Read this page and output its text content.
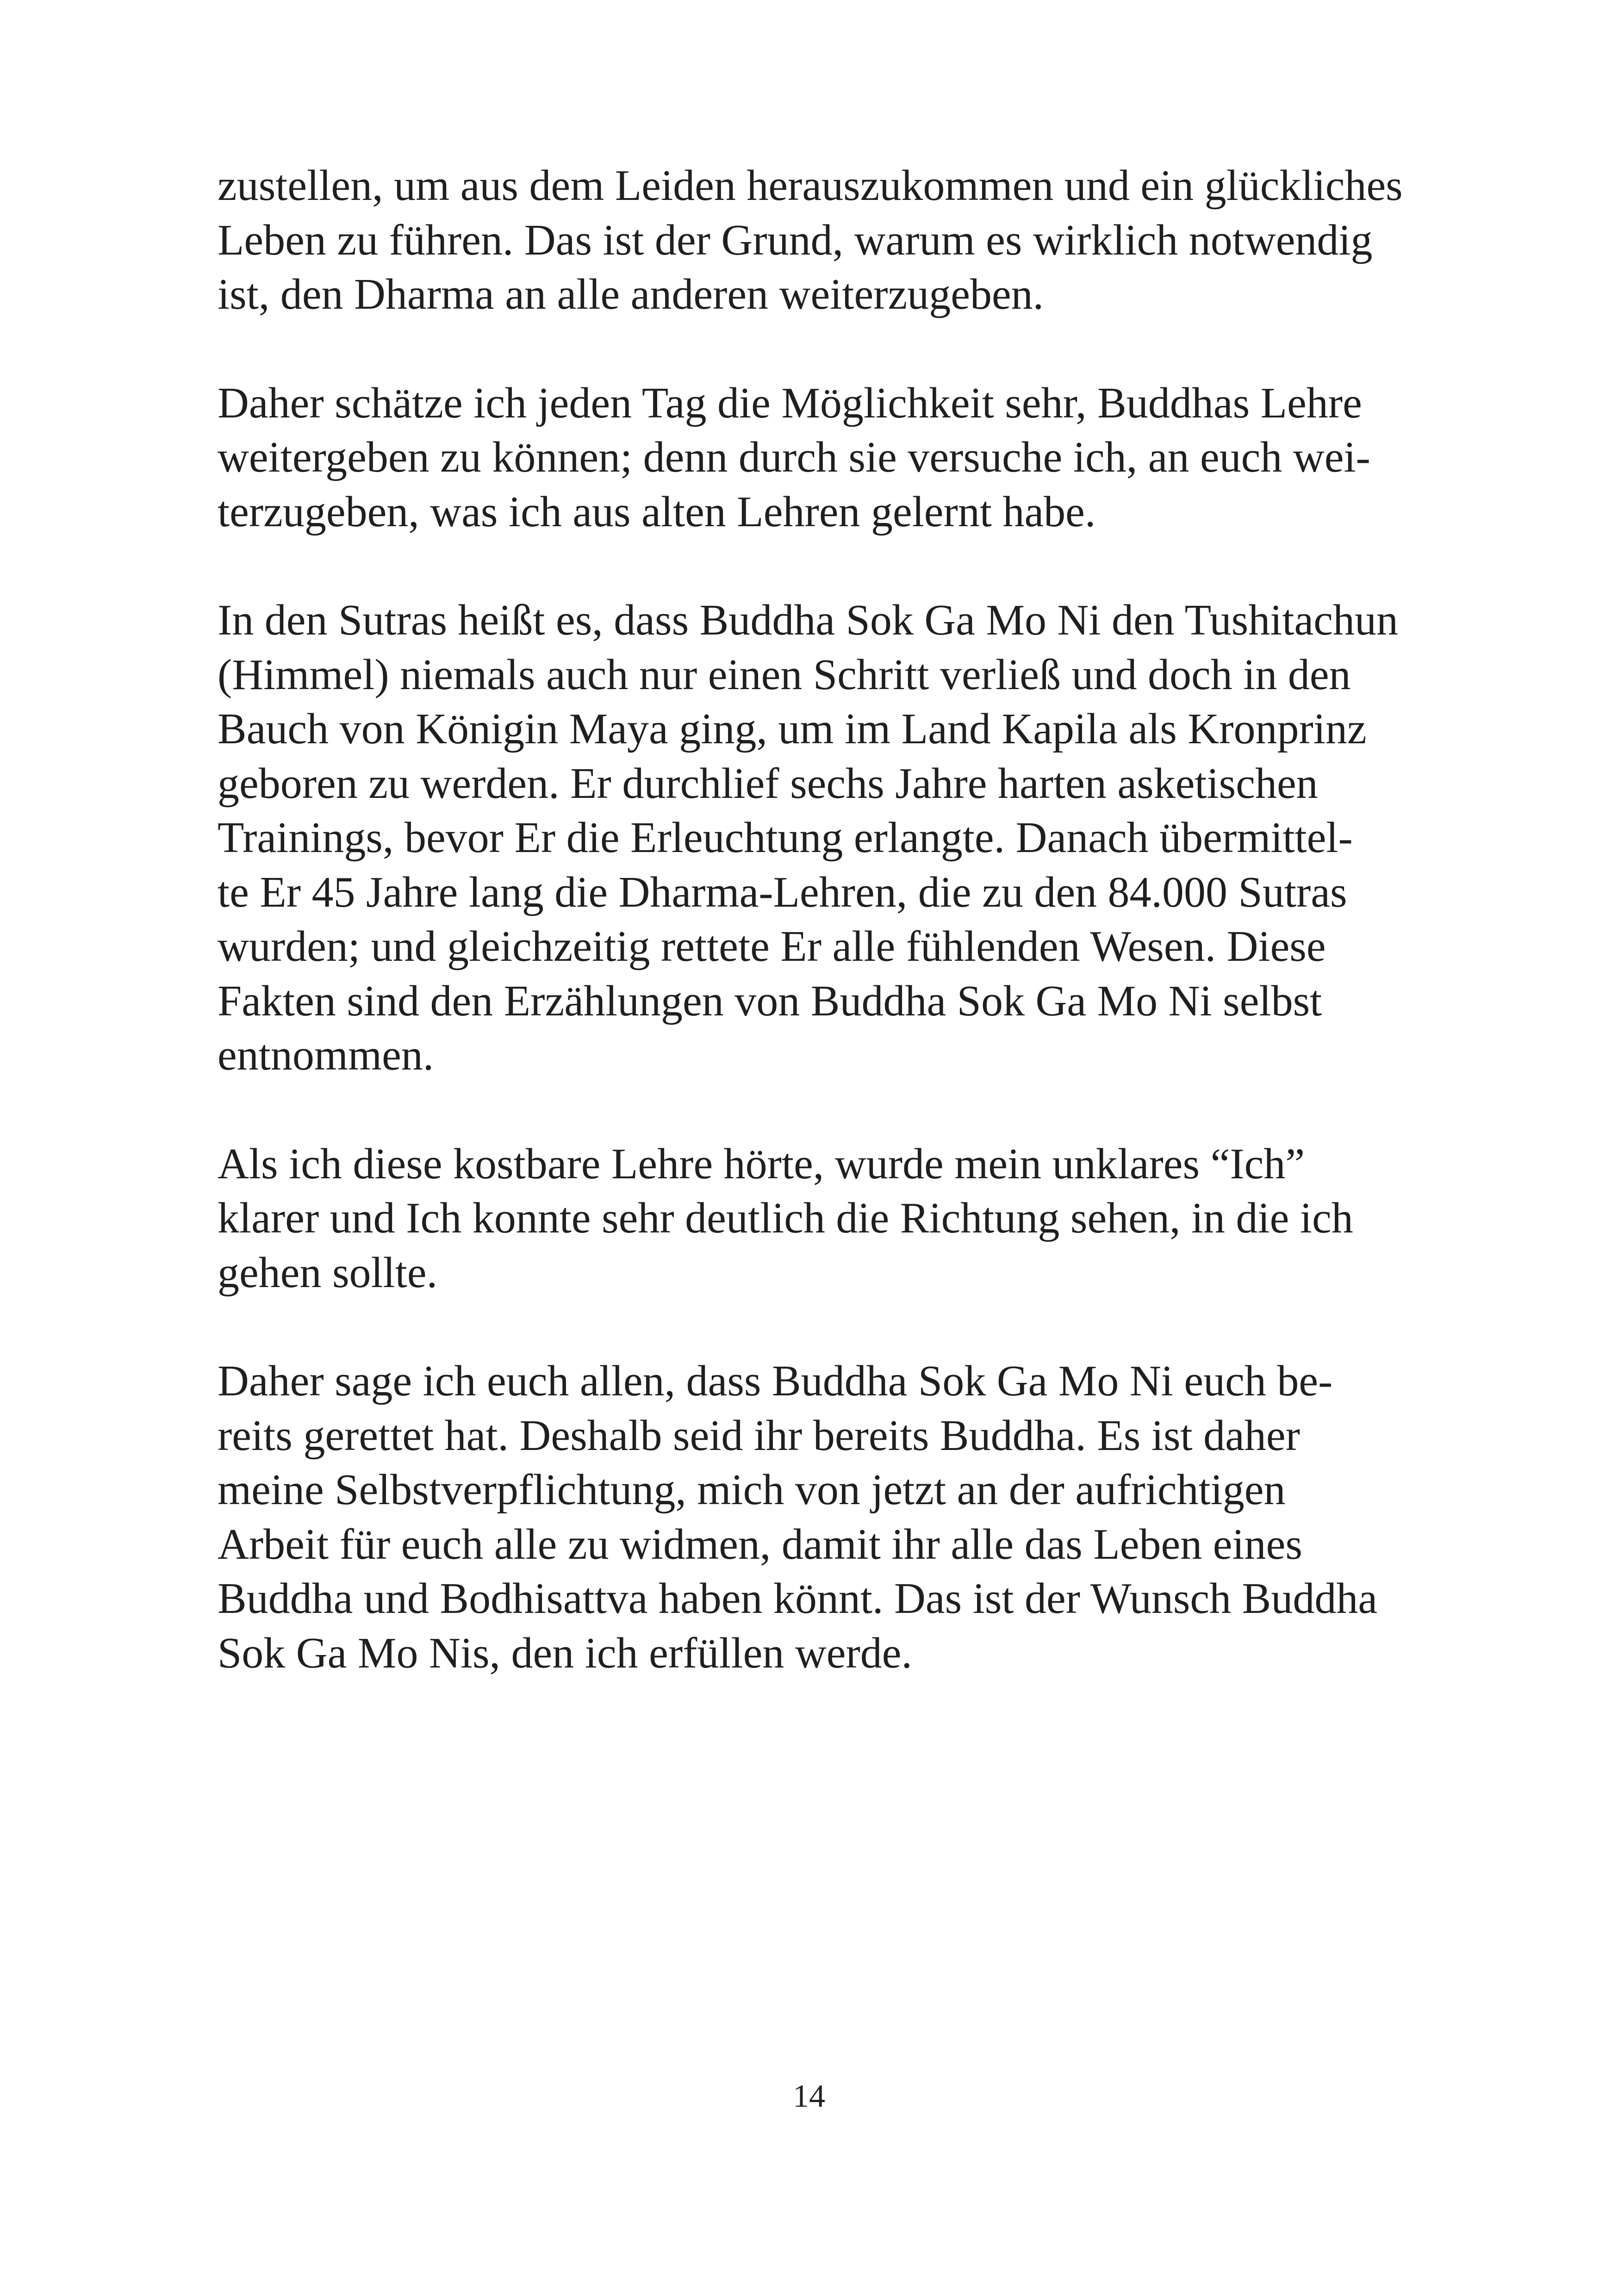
zustellen, um aus dem Leiden herauszukommen und ein glückliches
Leben zu führen. Das ist der Grund, warum es wirklich notwendig
ist, den Dharma an alle anderen weiterzugeben.
Daher schätze ich jeden Tag die Möglichkeit sehr, Buddhas Lehre
weitergeben zu können; denn durch sie versuche ich, an euch wei-
terzugeben, was ich aus alten Lehren gelernt habe.
In den Sutras heißt es, dass Buddha Sok Ga Mo Ni den Tushitachun
(Himmel) niemals auch nur einen Schritt verließ und doch in den
Bauch von Königin Maya ging, um im Land Kapila als Kronprinz
geboren zu werden. Er durchlief sechs Jahre harten asketischen
Trainings, bevor Er die Erleuchtung erlangte. Danach übermittel-
te Er 45 Jahre lang die Dharma-Lehren, die zu den 84.000 Sutras
wurden; und gleichzeitig rettete Er alle fühlenden Wesen. Diese
Fakten sind den Erzählungen von Buddha Sok Ga Mo Ni selbst
entnommen.
Als ich diese kostbare Lehre hörte, wurde mein unklares “Ich”
klarer und Ich konnte sehr deutlich die Richtung sehen, in die ich
gehen sollte.
Daher sage ich euch allen, dass Buddha Sok Ga Mo Ni euch be-
reits gerettet hat. Deshalb seid ihr bereits Buddha. Es ist daher
meine Selbstverpflichtung, mich von jetzt an der aufrichtigen
Arbeit für euch alle zu widmen, damit ihr alle das Leben eines
Buddha und Bodhisattva haben könnt. Das ist der Wunsch Buddha
Sok Ga Mo Nis, den ich erfüllen werde.
14
